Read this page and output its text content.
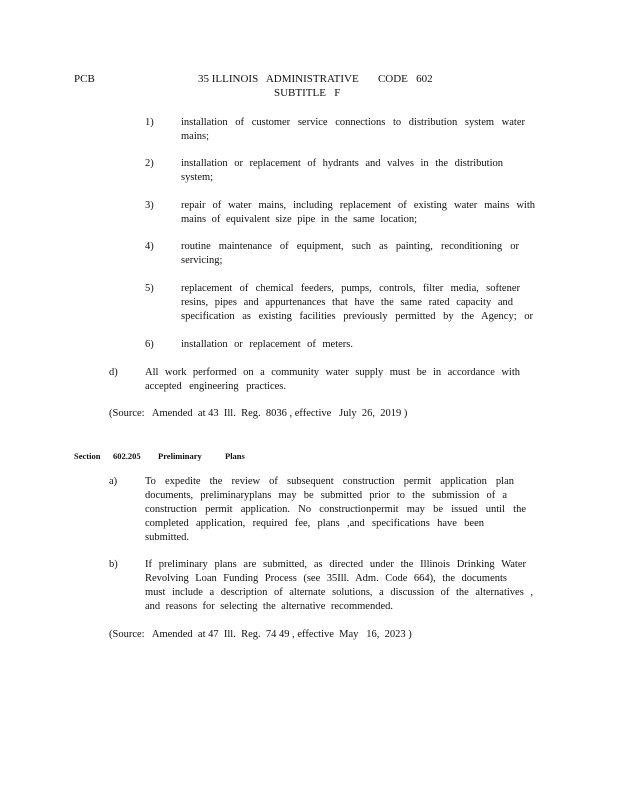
PCB	35 ILLINOIS   ADMINISTRATIVE       CODE   602
SUBTITLE   F
1)	installation of customer service connections to distribution system water
mains;
2)	installation or replacement of hydrants and valves in the distribution
system;
3)	repair of water mains, including replacement of existing water mains with
mains of equivalent size pipe in the same location;
4)	routine maintenance of equipment, such as painting, reconditioning or
servicing;
5)	replacement of chemical feeders, pumps, controls, filter media, softener
resins, pipes and appurtenances that have the same rated capacity and
specification as existing facilities previously permitted by the Agency; or
6)	installation or replacement of meters.
d)	All work performed on a community water supply must be in accordance with
accepted engineering practices.
(Source:   Amended  at 43  Ill.  Reg.  8036 , effective   July  26,  2019 )
Section 602.205 Preliminary	Plans
a)	To expedite the review of subsequent construction permit application plan
documents, preliminaryplans may be submitted prior to the submission of a
construction permit application. No constructionpermit may be issued until the
completed application, required fee, plans ,and specifications have been
submitted.
b)	If preliminary plans are submitted, as directed under the Illinois Drinking Water
Revolving Loan Funding Process (see 35Ill. Adm. Code 664), the documents
must include a description of alternate solutions, a discussion of the alternatives ,
and reasons for selecting the alternative recommended.
(Source:   Amended  at 47  Ill.  Reg.  74 49 , effective  May   16,  2023 )
